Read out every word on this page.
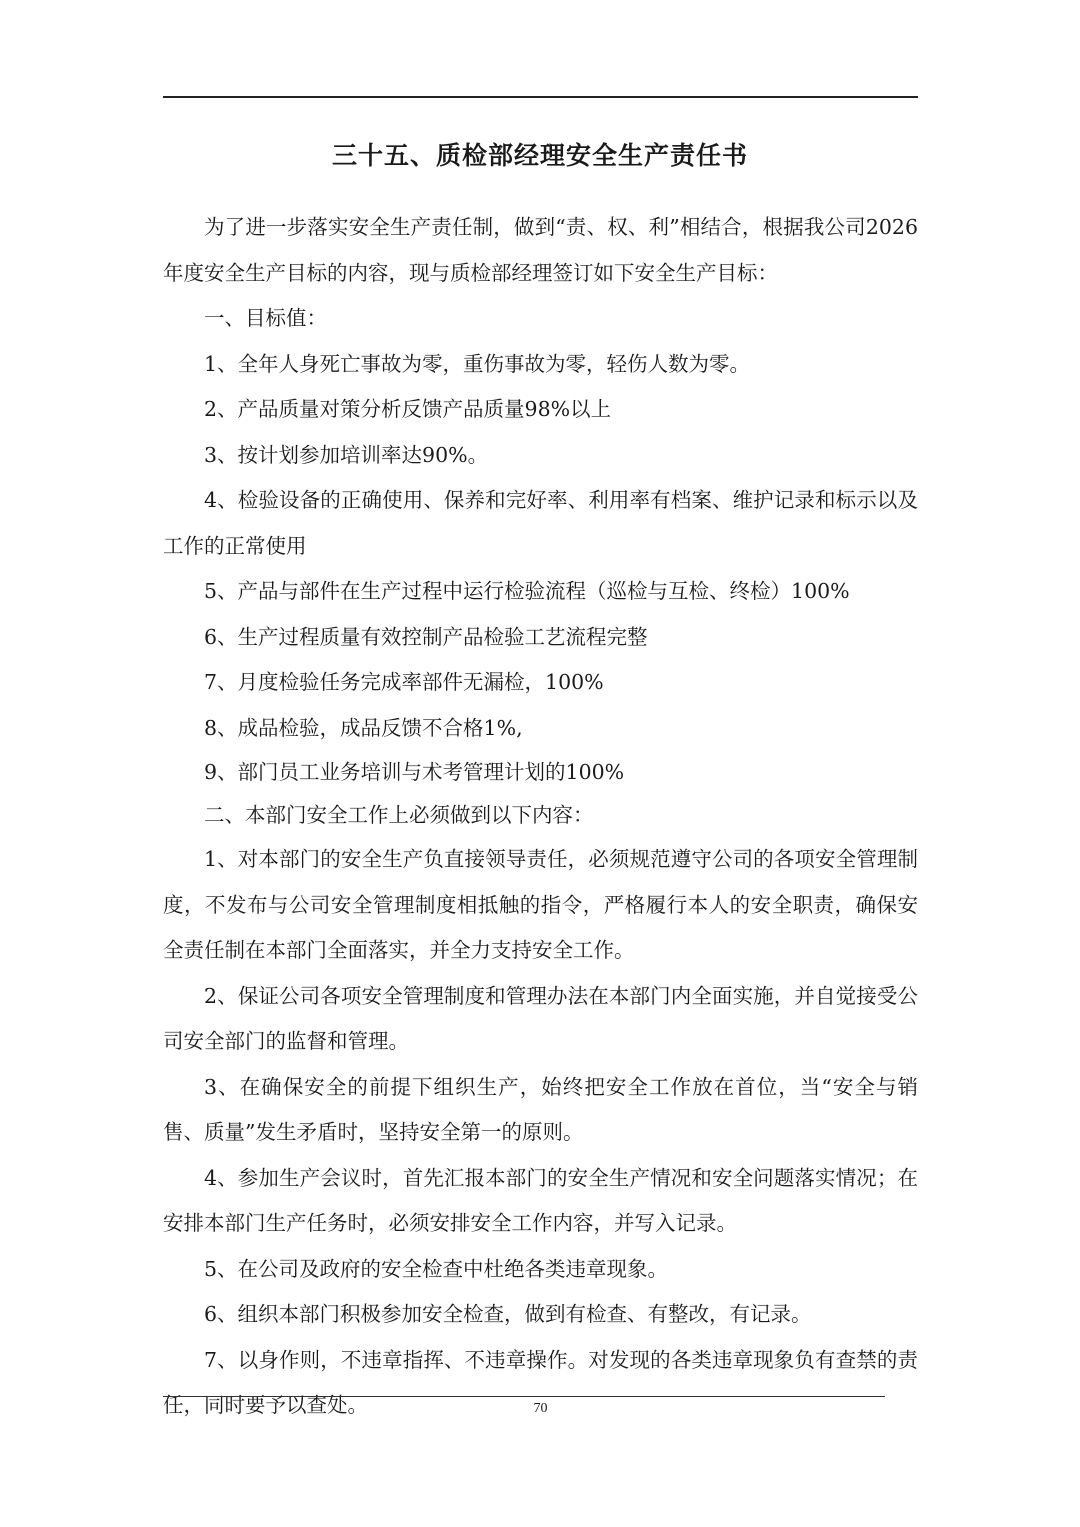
三十五、质检部经理安全生产责任书

为了进一步落实安全生产责任制，做到“责、权、利”相结合，根据我公司2026年度安全生产目标的内容，现与质检部经理签订如下安全生产目标：

一、目标值：

1、全年人身死亡事故为零，重伤事故为零，轻伤人数为零。

2、产品质量对策分析反馈产品质量98%以上

3、按计划参加培训率达90%。

4、检验设备的正确使用、保养和完好率、利用率有档案、维护记录和标示以及工作的正常使用

5、产品与部件在生产过程中运行检验流程（巡检与互检、终检）100%

6、生产过程质量有效控制产品检验工艺流程完整

7、月度检验任务完成率部件无漏检，100%

8、成品检验，成品反馈不合格1%,

9、部门员工业务培训与术考管理计划的100%

二、本部门安全工作上必须做到以下内容：

1、对本部门的安全生产负直接领导责任，必须规范遵守公司的各项安全管理制度，不发布与公司安全管理制度相抵触的指令，严格履行本人的安全职责，确保安全责任制在本部门全面落实，并全力支持安全工作。

2、保证公司各项安全管理制度和管理办法在本部门内全面实施，并自觉接受公司安全部门的监督和管理。

3、在确保安全的前提下组织生产，始终把安全工作放在首位，当“安全与销售、质量”发生矛盾时，坚持安全第一的原则。

4、参加生产会议时，首先汇报本部门的安全生产情况和安全问题落实情况；在安排本部门生产任务时，必须安排安全工作内容，并写入记录。

5、在公司及政府的安全检查中杜绝各类违章现象。

6、组织本部门积极参加安全检查，做到有检查、有整改，有记录。

7、以身作则，不违章指挥、不违章操作。对发现的各类违章现象负有查禁的责任，同时要予以查处。	70
